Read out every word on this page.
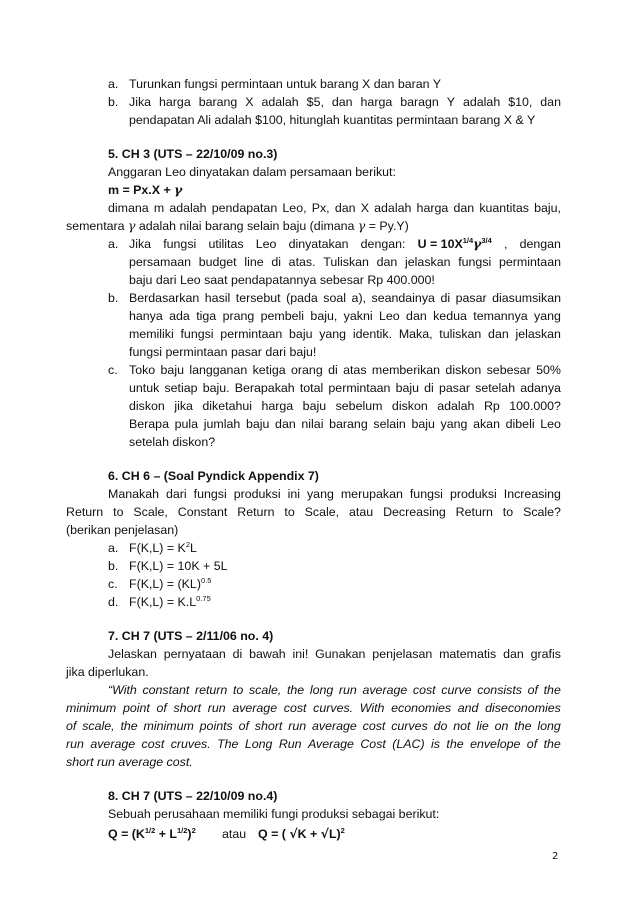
a. Turunkan fungsi permintaan untuk barang X dan baran Y
b. Jika harga barang X adalah $5, dan harga baragn Y adalah $10, dan
pendapatan Ali adalah $100, hitunglah kuantitas permintaan barang X & Y
5. CH 3 (UTS – 22/10/09 no.3)
Anggaran Leo dinyatakan dalam persamaan berikut:
m = Px.X + γ
dimana m adalah pendapatan Leo, Px, dan X adalah harga dan kuantitas baju,
sementara γ adalah nilai barang selain baju (dimana γ = Py.Y)
a. Jika fungsi utilitas Leo dinyatakan dengan: $U = 10X^{1/4}\gamma^{3/4}$ , dengan
persamaan budget line di atas. Tuliskan dan jelaskan fungsi permintaan
baju dari Leo saat pendapatannya sebesar Rp 400.000!
b. Berdasarkan hasil tersebut (pada soal a), seandainya di pasar diasumsikan
hanya ada tiga prang pembeli baju, yakni Leo dan kedua temannya yang
memiliki fungsi permintaan baju yang identik. Maka, tuliskan dan jelaskan
fungsi permintaan pasar dari baju!
c. Toko baju langganan ketiga orang di atas memberikan diskon sebesar 50%
untuk setiap baju. Berapakah total permintaan baju di pasar setelah adanya
diskon jika diketahui harga baju sebelum diskon adalah Rp 100.000?
Berapa pula jumlah baju dan nilai barang selain baju yang akan dibeli Leo
setelah diskon?
6. CH 6 – (Soal Pyndick Appendix 7)
Manakah dari fungsi produksi ini yang merupakan fungsi produksi Increasing
Return to Scale, Constant Return to Scale, atau Decreasing Return to Scale?
(berikan penjelasan)
a. $F(K,L) = K^2L$
b. F(K,L) = 10K + 5L
c. F(K,L) = (KL)$^{0.5}$
d. $F(K,L) = K.L^{0.75}$
7. CH 7 (UTS – 2/11/06 no. 4)
Jelaskan pernyataan di bawah ini! Gunakan penjelasan matematis dan grafis
jika diperlukan.
“With constant return to scale, the long run average cost curve consists of the
minimum point of short run average cost curves. With economies and diseconomies
of scale, the minimum points of short run average cost curves do not lie on the long
run average cost cruves. The Long Run Average Cost (LAC) is the envelope of the
short run average cost.
8. CH 7 (UTS – 22/10/09 no.4)
Sebuah perusahaan memiliki fungi produksi sebagai berikut:
$Q = (K^{1/2} + L^{1/2})^2$ atau Q = ( √K + √L)$^2$
2
